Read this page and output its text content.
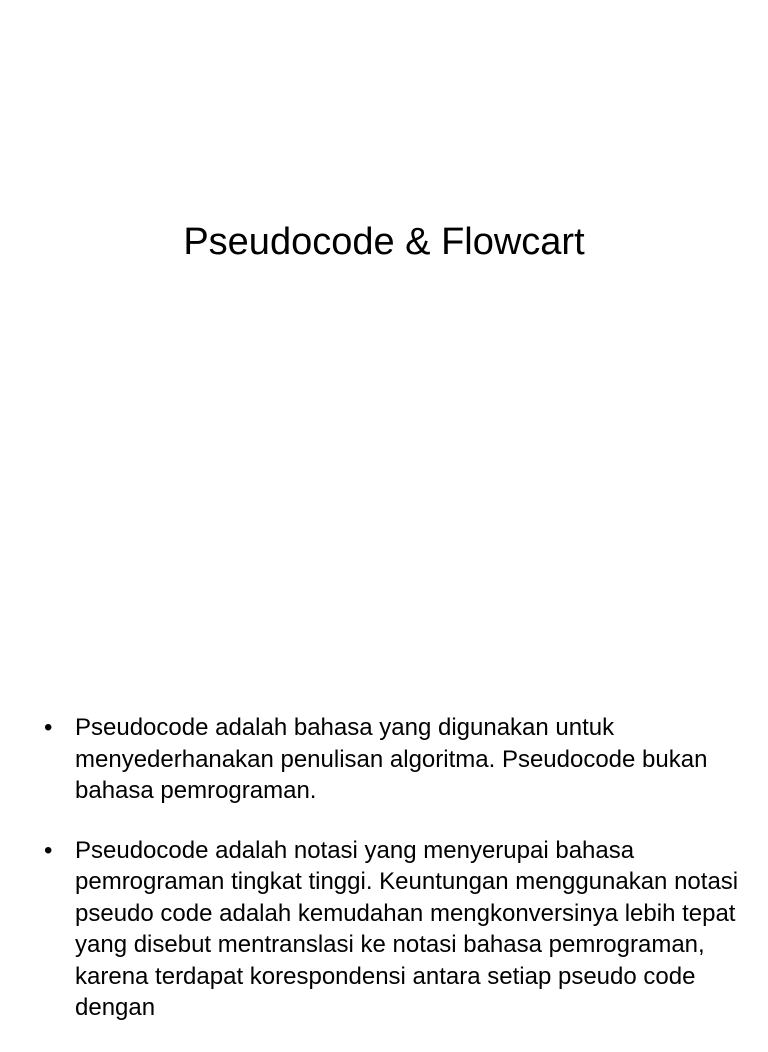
Pseudocode & Flowcart
• Pseudocode adalah bahasa yang digunakan untuk menyederhanakan penulisan algoritma. Pseudocode bukan bahasa pemrograman.
• Pseudocode adalah notasi yang menyerupai bahasa pemrograman tingkat tinggi. Keuntungan menggunakan notasi pseudo code adalah kemudahan mengkonversinya lebih tepat yang disebut mentranslasi ke notasi bahasa pemrograman, karena terdapat korespondensi antara setiap pseudo code dengan
